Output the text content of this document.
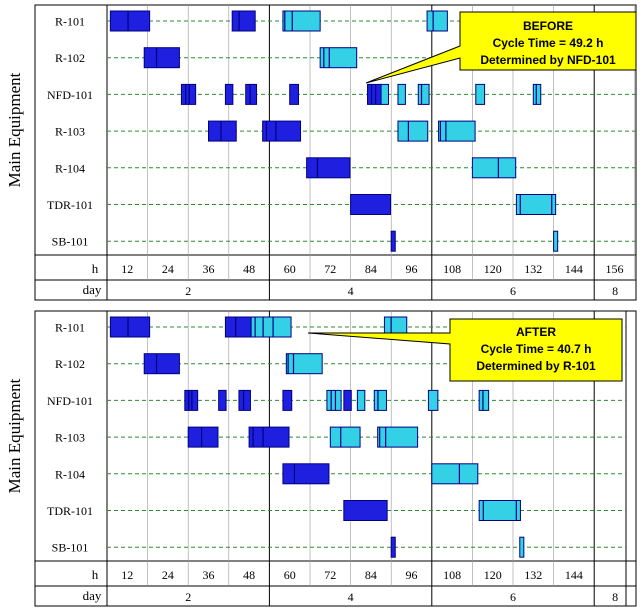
Main Equipment
h
day
12 24 36 48 60 72 84 96 108 120 132 144 156
2	4	6	8
R-101
R-102
NFD-101
R-103
R-104
TDR-101
SB-101
BEFORE
Cycle Time = 49.2 h
Determined by NFD-101
Main Equipment
h
day
12 24 36 48 60 72 84 96 108 120 132 144
2	4	6	8
R-101
R-102
NFD-101
R-103
R-104
TDR-101
SB-101
AFTER
Cycle Time = 40.7 h
Determined by R-101
